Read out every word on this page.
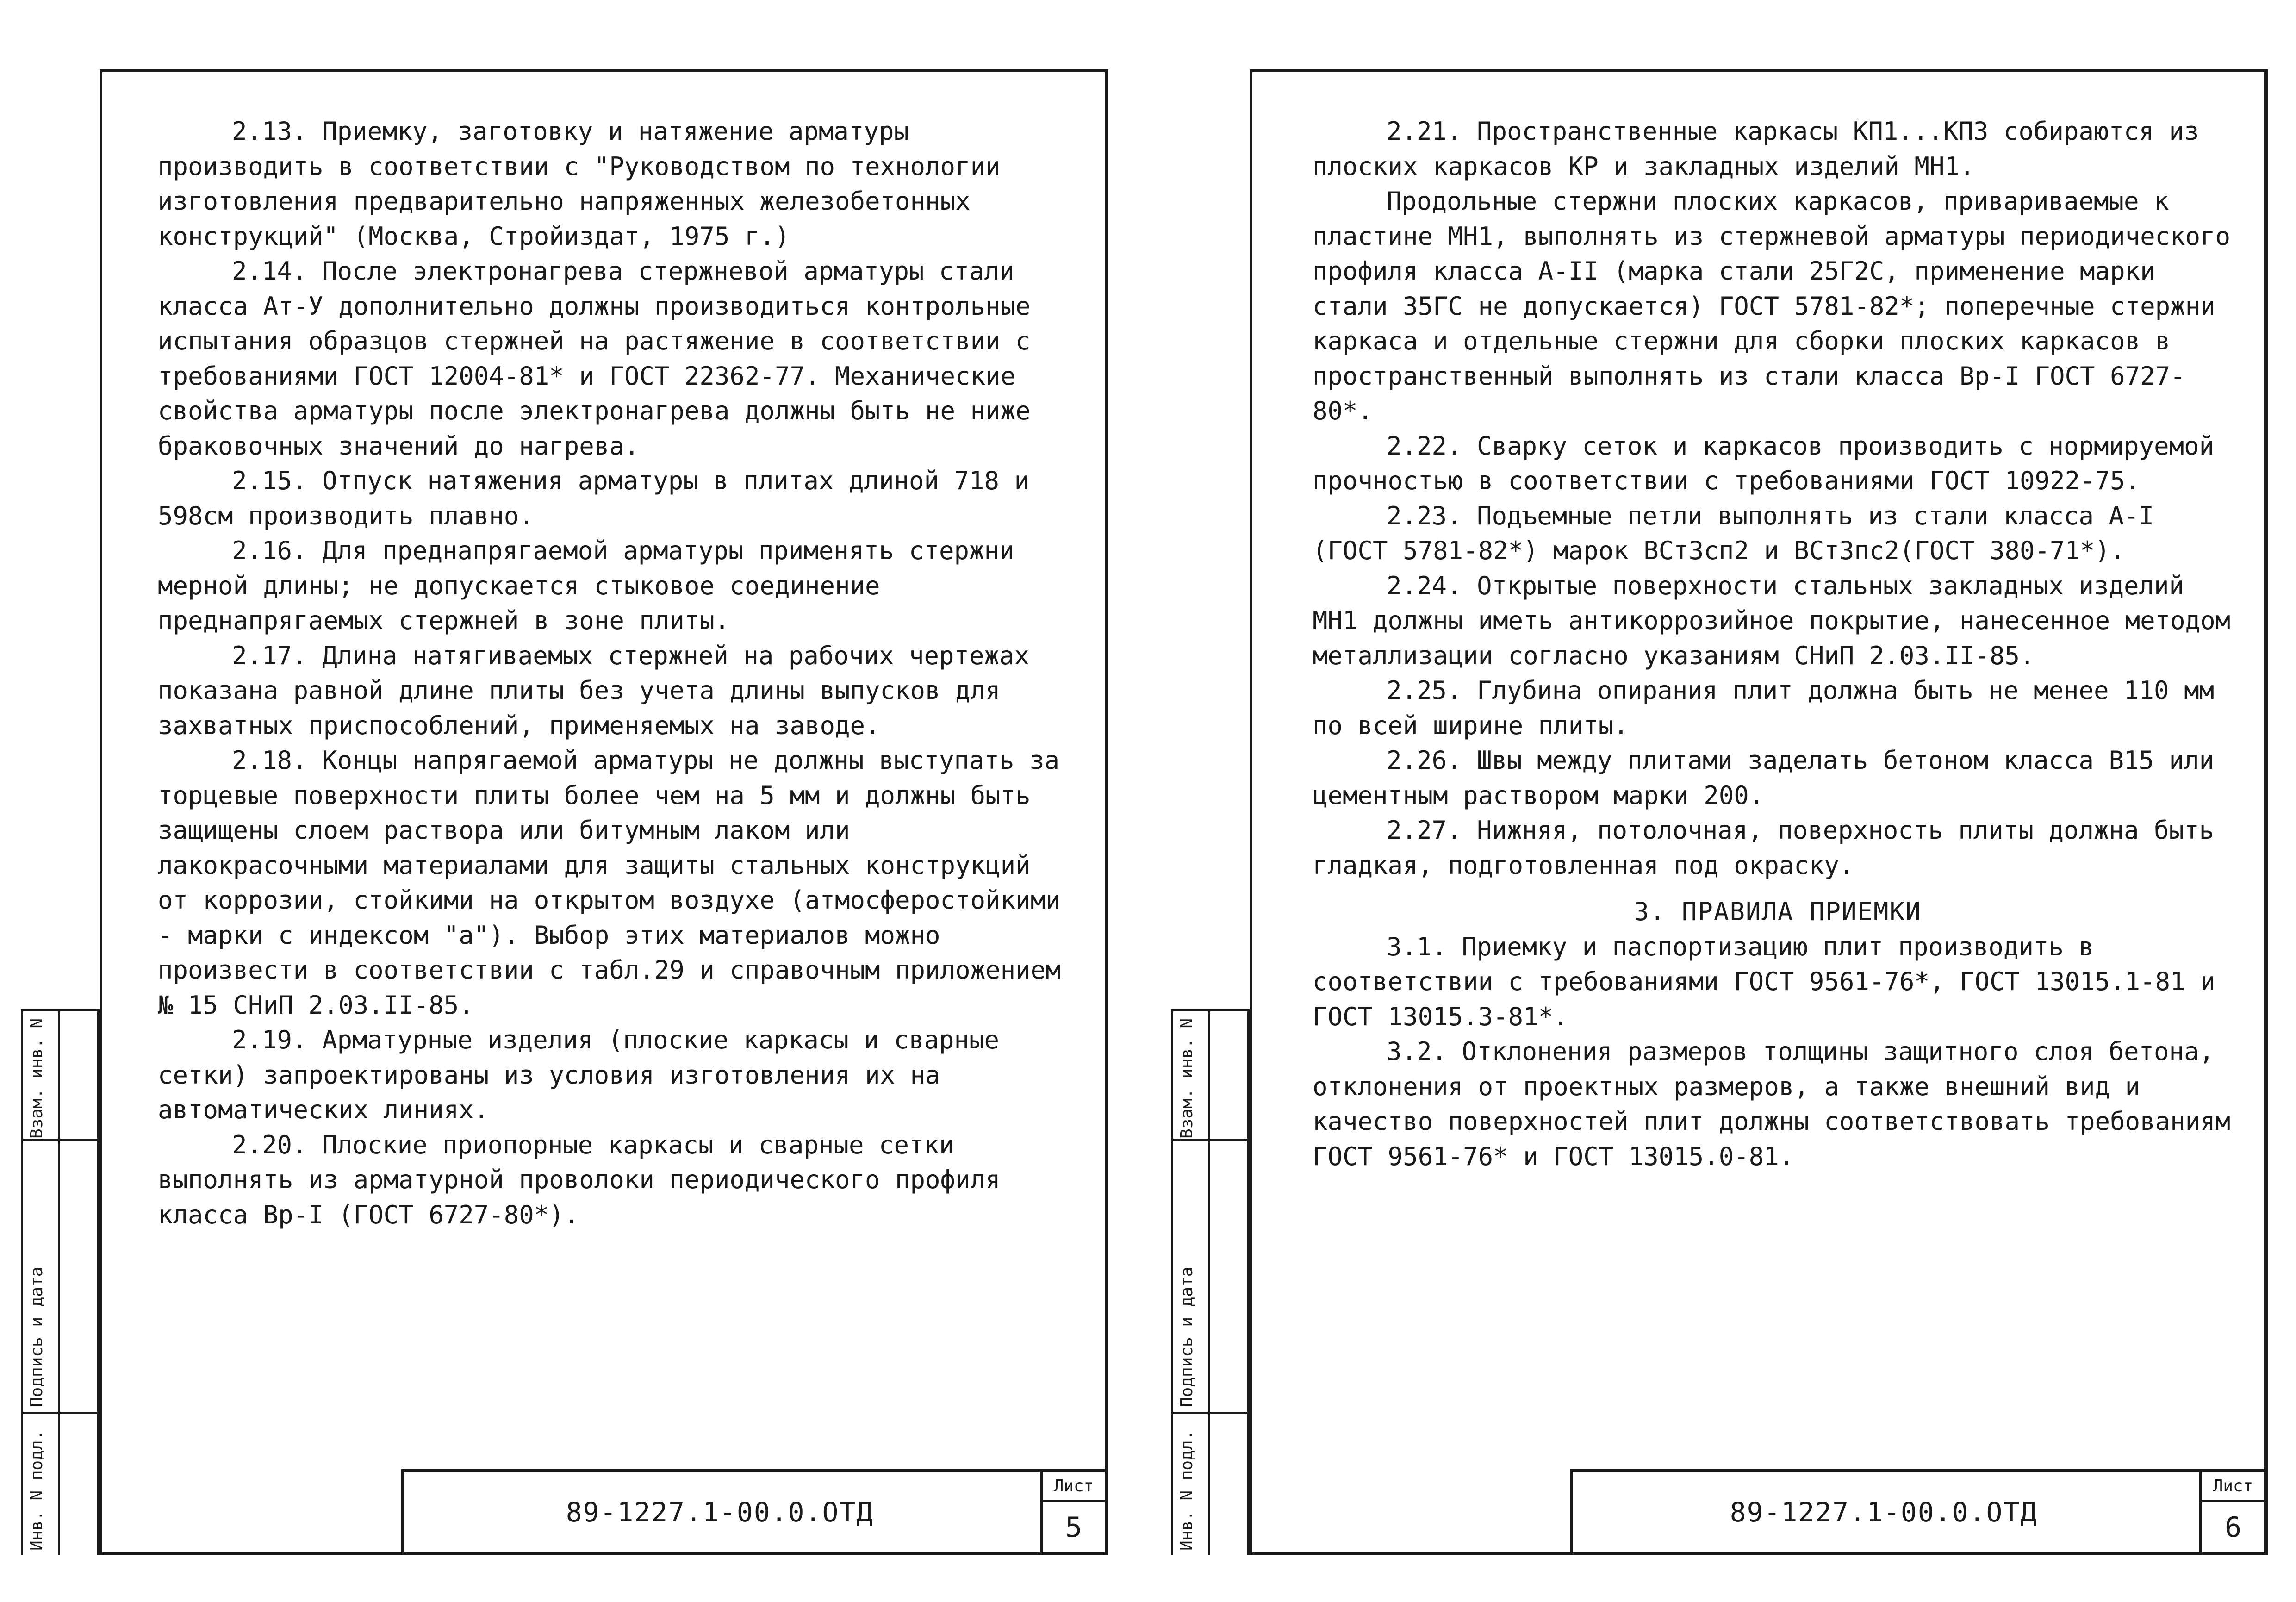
2.13. Приемку, заготовку и натяжение арматуры производить в соответствии с "Руководством по технологии изготовления предварительно напряженных железобетонных конструкций" (Москва, Стройиздат, 1975 г.)

2.14. После электронагрева стержневой арматуры стали класса Ат-У дополнительно должны производиться контрольные испытания образцов стержней на растяжение в соответствии с требованиями ГОСТ 12004-81* и ГОСТ 22362-77. Механические свойства арматуры после электронагрева должны быть не ниже браковочных значений до нагрева.

2.15. Отпуск натяжения арматуры в плитах длиной 718 и 598см производить плавно.

2.16. Для преднапрягаемой арматуры применять стержни мерной длины; не допускается стыковое соединение преднапрягаемых стержней в зоне плиты.

2.17. Длина натягиваемых стержней на рабочих чертежах показана равной длине плиты без учета длины выпусков для захватных приспособлений, применяемых на заводе.

2.18. Концы напрягаемой арматуры не должны выступать за торцевые поверхности плиты более чем на 5 мм и должны быть защищены слоем раствора или битумным лаком или лакокрасочными материалами для защиты стальных конструкций от коррозии, стойкими на открытом воздухе (атмосферостойкими - марки с индексом "а"). Выбор этих материалов можно произвести в соответствии с табл.29 и справочным приложением № 15 СНиП 2.03.II-85.

2.19. Арматурные изделия (плоские каркасы и сварные сетки) запроектированы из условия изготовления их на автоматических линиях.

2.20. Плоские приопорные каркасы и сварные сетки выполнять из арматурной проволоки периодического профиля класса Вр-I (ГОСТ 6727-80*).

89-1227.1-00.0.ОТД
Лист
5
Взам. инв. N
Подпись и дата
Инв. N подл.

2.21. Пространственные каркасы КП1...КП3 собираются из плоских каркасов КР и закладных изделий МН1.

Продольные стержни плоских каркасов, привариваемые к пластине МН1, выполнять из стержневой арматуры периодического профиля класса А-II (марка стали 25Г2С, применение марки стали 35ГС не допускается) ГОСТ 5781-82*; поперечные стержни каркаса и отдельные стержни для сборки плоских каркасов в пространственный выполнять из стали класса Вр-I ГОСТ 6727-80*.

2.22. Сварку сеток и каркасов производить с нормируемой прочностью в соответствии с требованиями ГОСТ 10922-75.

2.23. Подъемные петли выполнять из стали класса А-I (ГОСТ 5781-82*) марок ВСт3сп2 и ВСт3пс2(ГОСТ 380-71*).

2.24. Открытые поверхности стальных закладных изделий МН1 должны иметь антикоррозийное покрытие, нанесенное методом металлизации согласно указаниям СНиП 2.03.II-85.

2.25. Глубина опирания плит должна быть не менее 110 мм по всей ширине плиты.

2.26. Швы между плитами заделать бетоном класса В15 или цементным раствором марки 200.

2.27. Нижняя, потолочная, поверхность плиты должна быть гладкая, подготовленная под окраску.

3. ПРАВИЛА ПРИЕМКИ

3.1. Приемку и паспортизацию плит производить в соответствии с требованиями ГОСТ 9561-76*, ГОСТ 13015.1-81 и ГОСТ 13015.3-81*.

3.2. Отклонения размеров толщины защитного слоя бетона, отклонения от проектных размеров, а также внешний вид и качество поверхностей плит должны соответствовать требованиям ГОСТ 9561-76* и ГОСТ 13015.0-81.

89-1227.1-00.0.ОТД
Лист
6
Взам. инв. N
Подпись и дата
Инв. N подл.
